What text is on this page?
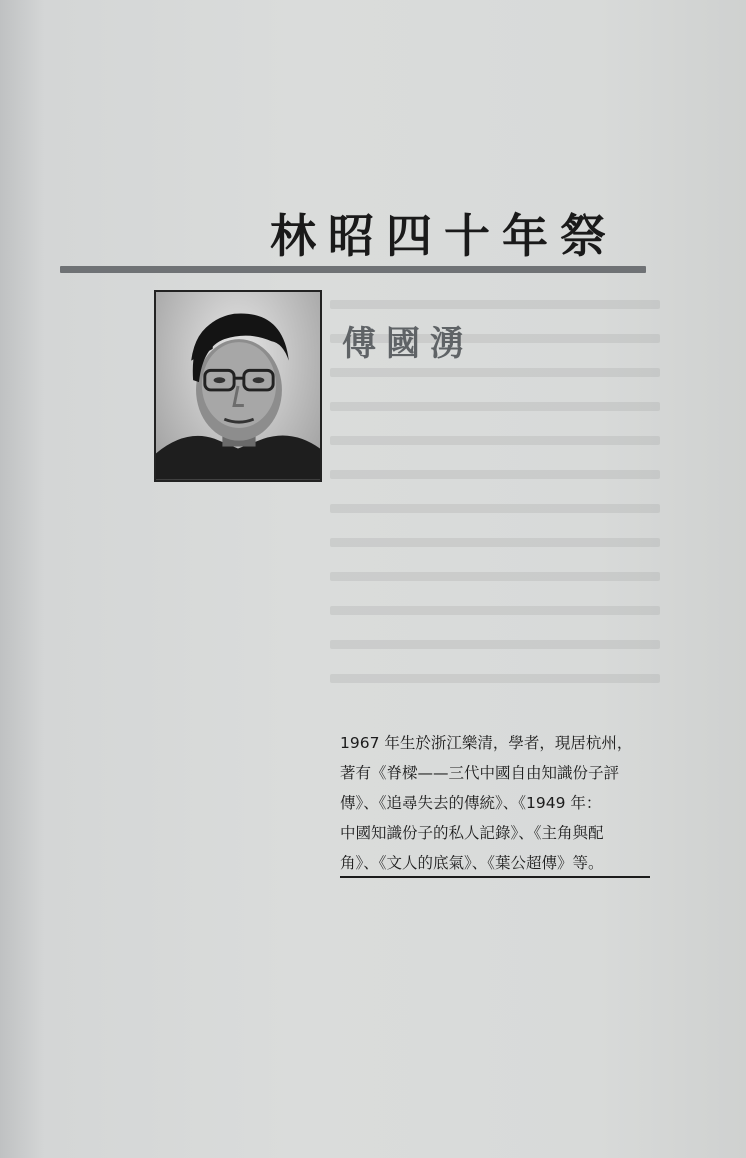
林昭四十年祭
傅國湧
1967 年生於浙江樂清，學者，現居杭州，
著有《脊樑——三代中國自由知識份子評
傳》、《追尋失去的傳統》、《1949 年：
中國知識份子的私人記錄》、《主角與配
角》、《文人的底氣》、《葉公超傳》等。
